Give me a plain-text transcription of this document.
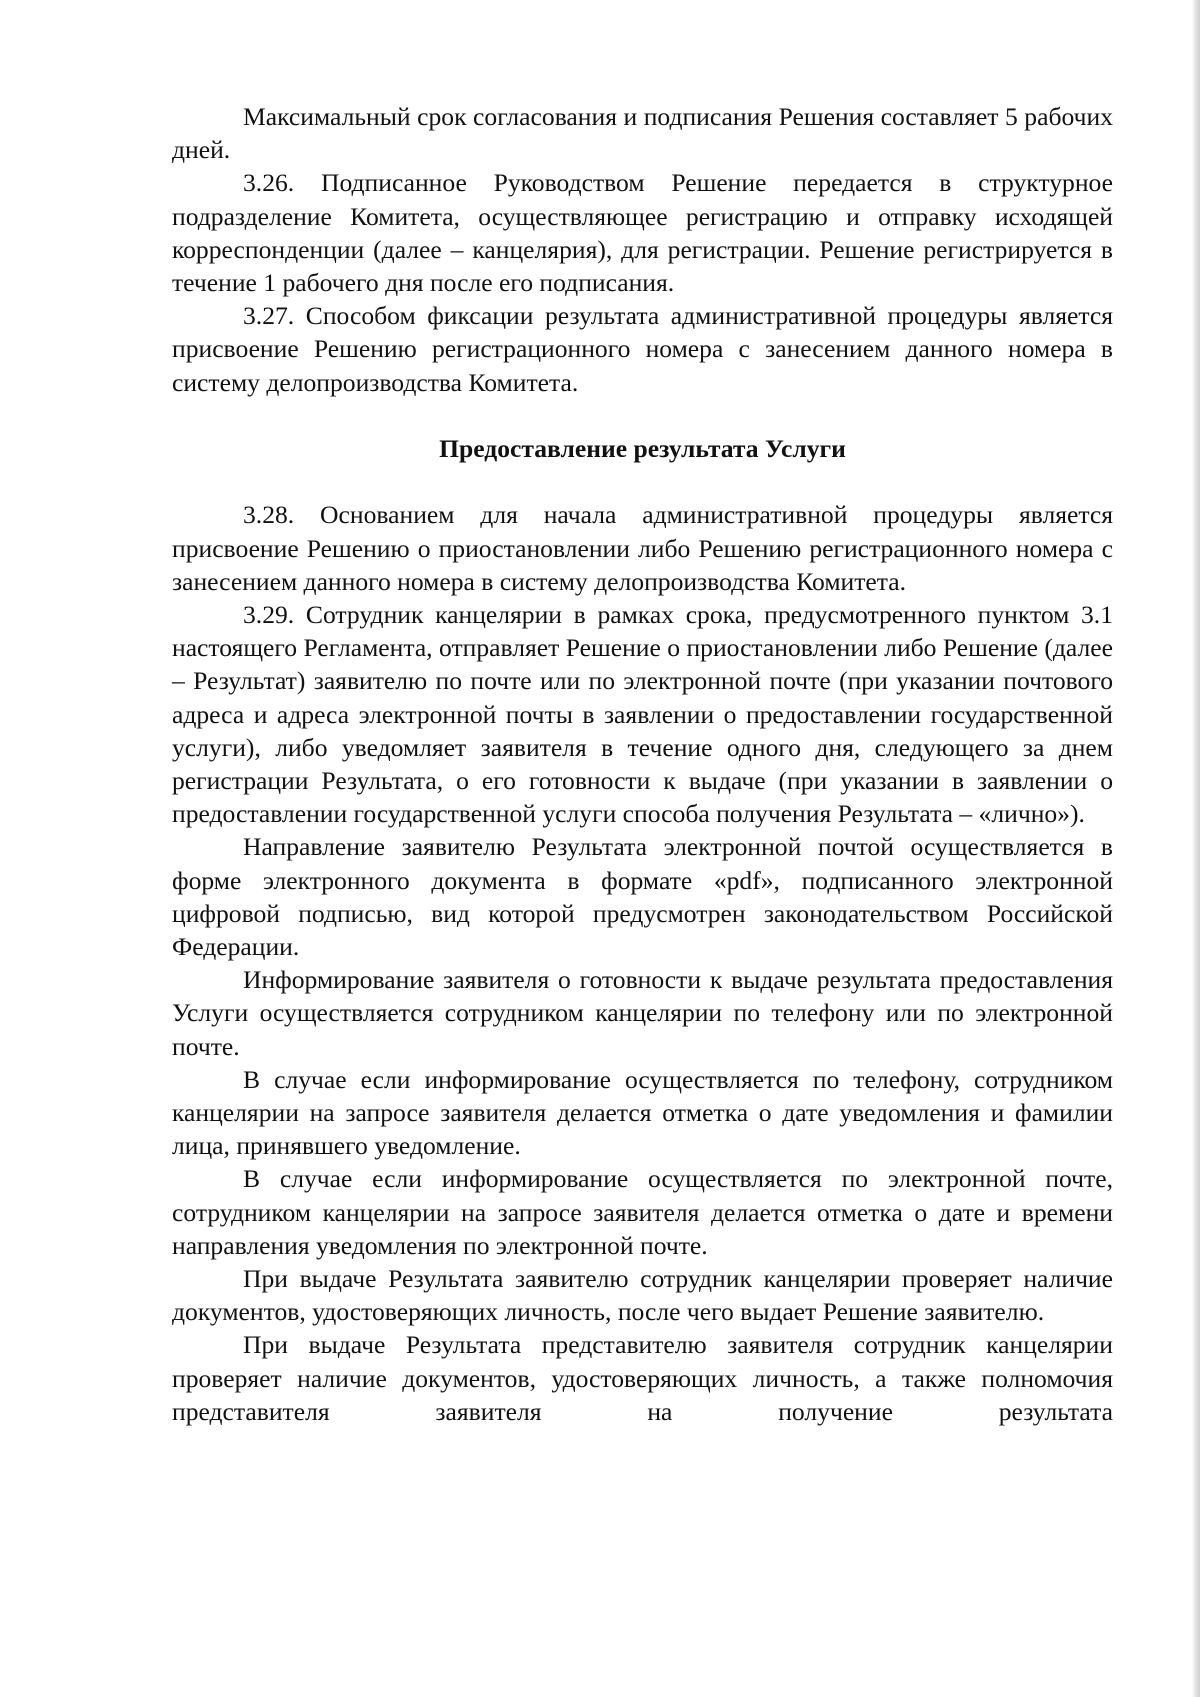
Максимальный срок согласования и подписания Решения составляет 5 рабочих дней.

3.26. Подписанное Руководством Решение передается в структурное подразделение Комитета, осуществляющее регистрацию и отправку исходящей корреспонденции (далее – канцелярия), для регистрации. Решение регистрируется в течение 1 рабочего дня после его подписания.

3.27. Способом фиксации результата административной процедуры является присвоение Решению регистрационного номера с занесением данного номера в систему делопроизводства Комитета.

Предоставление результата Услуги

3.28. Основанием для начала административной процедуры является присвоение Решению о приостановлении либо Решению регистрационного номера с занесением данного номера в систему делопроизводства Комитета.

3.29. Сотрудник канцелярии в рамках срока, предусмотренного пунктом 3.1 настоящего Регламента, отправляет Решение о приостановлении либо Решение (далее – Результат) заявителю по почте или по электронной почте (при указании почтового адреса и адреса электронной почты в заявлении о предоставлении государственной услуги), либо уведомляет заявителя в течение одного дня, следующего за днем регистрации Результата, о его готовности к выдаче (при указании в заявлении о предоставлении государственной услуги способа получения Результата – «лично»).

Направление заявителю Результата электронной почтой осуществляется в форме электронного документа в формате «pdf», подписанного электронной цифровой подписью, вид которой предусмотрен законодательством Российской Федерации.

Информирование заявителя о готовности к выдаче результата предоставления Услуги осуществляется сотрудником канцелярии по телефону или по электронной почте.

В случае если информирование осуществляется по телефону, сотрудником канцелярии на запросе заявителя делается отметка о дате уведомления и фамилии лица, принявшего уведомление.

В случае если информирование осуществляется по электронной почте, сотрудником канцелярии на запросе заявителя делается отметка о дате и времени направления уведомления по электронной почте.

При выдаче Результата заявителю сотрудник канцелярии проверяет наличие документов, удостоверяющих личность, после чего выдает Решение заявителю.

При выдаче Результата представителю заявителя сотрудник канцелярии проверяет наличие документов, удостоверяющих личность, а также полномочия представителя заявителя на получение результата
